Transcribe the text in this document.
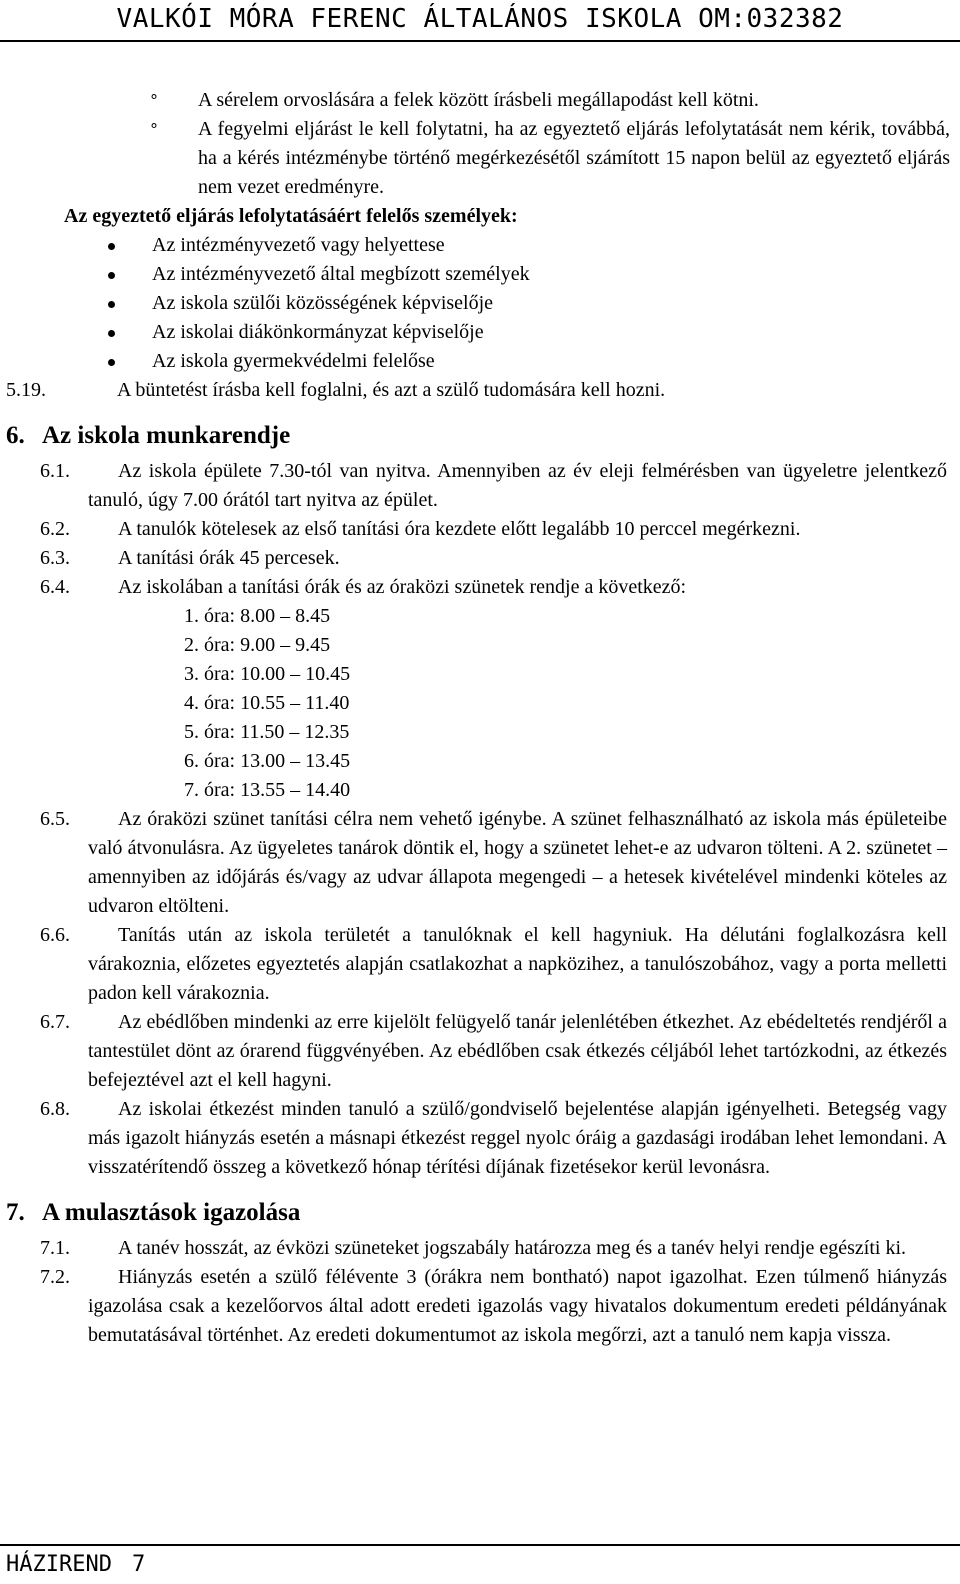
VALKÓI MÓRA FERENC ÁLTALÁNOS ISKOLA OM:032382
° A sérelem orvoslására a felek között írásbeli megállapodást kell kötni.
° A fegyelmi eljárást le kell folytatni, ha az egyeztető eljárás lefolytatását nem kérik, továbbá, ha a kérés intézménybe történő megérkezésétől számított 15 napon belül az egyeztető eljárás nem vezet eredményre.
Az egyeztető eljárás lefolytatásáért felelős személyek:
Az intézményvezető vagy helyettese
Az intézményvezető által megbízott személyek
Az iskola szülői közösségének képviselője
Az iskolai diákönkormányzat képviselője
Az iskola gyermekvédelmi felelőse
5.19.	A büntetést írásba kell foglalni, és azt a szülő tudomására kell hozni.
6. Az iskola munkarendje
6.1. Az iskola épülete 7.30-tól van nyitva. Amennyiben az év eleji felmérésben van ügyeletre jelentkező tanuló, úgy 7.00 órától tart nyitva az épület.
6.2. A tanulók kötelesek az első tanítási óra kezdete előtt legalább 10 perccel megérkezni.
6.3. A tanítási órák 45 percesek.
6.4. Az iskolában a tanítási órák és az óraközi szünetek rendje a következő:
1. óra: 8.00 – 8.45
2. óra: 9.00 – 9.45
3. óra: 10.00 – 10.45
4. óra: 10.55 – 11.40
5. óra: 11.50 – 12.35
6. óra: 13.00 – 13.45
7. óra: 13.55 – 14.40
6.5. Az óraközi szünet tanítási célra nem vehető igénybe. A szünet felhasználható az iskola más épületeibe való átvonulásra. Az ügyeletes tanárok döntik el, hogy a szünetet lehet-e az udvaron tölteni. A 2. szünetet – amennyiben az időjárás és/vagy az udvar állapota megengedi – a hetesek kivételével mindenki köteles az udvaron eltölteni.
6.6. Tanítás után az iskola területét a tanulóknak el kell hagyniuk. Ha délutáni foglalkozásra kell várakoznia, előzetes egyeztetés alapján csatlakozhat a napközihez, a tanulószobához, vagy a porta melletti padon kell várakoznia.
6.7. Az ebédlőben mindenki az erre kijelölt felügyelő tanár jelenlétében étkezhet. Az ebédeltetés rendjéről a tantestület dönt az órarend függvényében. Az ebédlőben csak étkezés céljából lehet tartózkodni, az étkezés befejeztével azt el kell hagyni.
6.8. Az iskolai étkezést minden tanuló a szülő/gondviselő bejelentése alapján igényelheti. Betegség vagy más igazolt hiányzás esetén a másnapi étkezést reggel nyolc óráig a gazdasági irodában lehet lemondani. A visszatérítendő összeg a következő hónap térítési díjának fizetésekor kerül levonásra.
7. A mulasztások igazolása
7.1. A tanév hosszát, az évközi szüneteket jogszabály határozza meg és a tanév helyi rendje egészíti ki.
7.2. Hiányzás esetén a szülő félévente 3 (órákra nem bontható) napot igazolhat. Ezen túlmenő hiányzás igazolása csak a kezelőorvos által adott eredeti igazolás vagy hivatalos dokumentum eredeti példányának bemutatásával történhet. Az eredeti dokumentumot az iskola megőrzi, azt a tanuló nem kapja vissza.
HÁZIREND 7
